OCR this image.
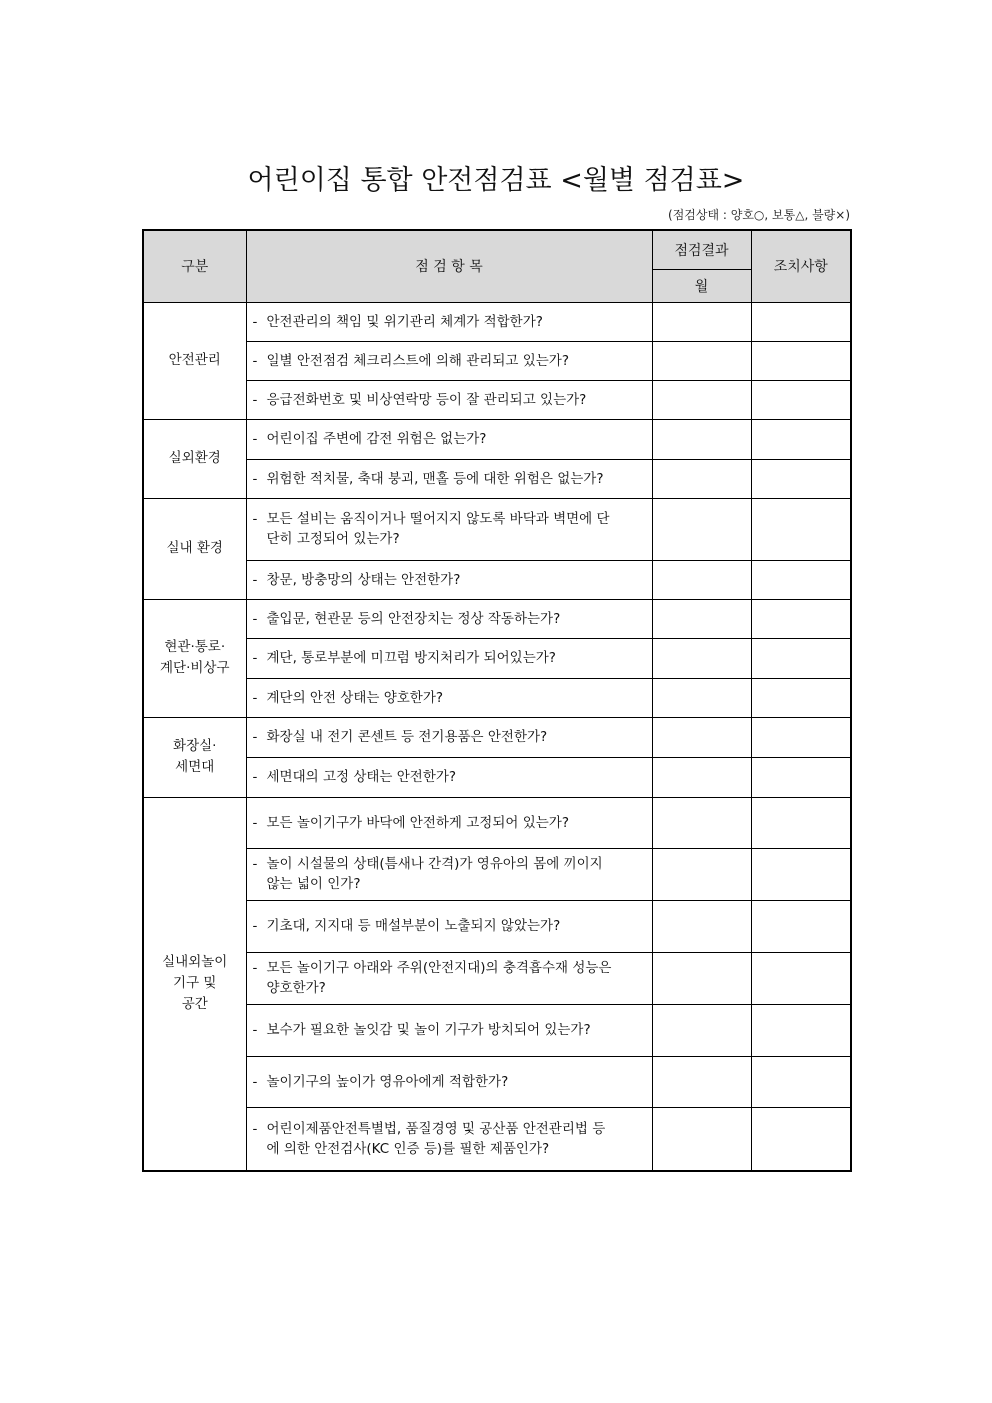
어린이집 통합 안전점검표 <월별 점검표>
(점검상태 : 양호○, 보통△, 불량×)
구분	점 검 항 목	점검결과	조치사항
		월	
안전관리	- 안전관리의 책임 및 위기관리 체계가 적합한가?		

	- 일별 안전점검 체크리스트에 의해 관리되고 있는가?		

	- 응급전화번호 및 비상연락망 등이 잘 관리되고 있는가?		

실외환경	- 어린이집 주변에 감전 위험은 없는가?		

	- 위험한 적치물, 축대 붕괴, 맨홀 등에 대한 위험은 없는가?		

실내 환경	- 모든 설비는 움직이거나 떨어지지 않도록 바닥과 벽면에 단
단히 고정되어 있는가?		

	- 창문, 방충망의 상태는 안전한가?		

현관·통로·
계단·비상구	- 출입문, 현관문 등의 안전장치는 정상 작동하는가?		

	- 계단, 통로부분에 미끄럼 방지처리가 되어있는가?		

	- 계단의 안전 상태는 양호한가?		

화장실·
세면대	- 화장실 내 전기 콘센트 등 전기용품은 안전한가?		

	- 세면대의 고정 상태는 안전한가?		

실내외놀이
기구 및
공간	- 모든 놀이기구가 바닥에 안전하게 고정되어 있는가?		

	- 놀이 시설물의 상태(틈새나 간격)가 영유아의 몸에 끼이지
않는 넓이 인가?		

	- 기초대, 지지대 등 매설부분이 노출되지 않았는가?		

	- 모든 놀이기구 아래와 주위(안전지대)의 충격흡수재 성능은
양호한가?		

	- 보수가 필요한 놀잇감 및 놀이 기구가 방치되어 있는가?		

	- 놀이기구의 높이가 영유아에게 적합한가?		

	- 어린이제품안전특별법, 품질경영 및 공산품 안전관리법 등
에 의한 안전검사(KC 인증 등)를 필한 제품인가?		
